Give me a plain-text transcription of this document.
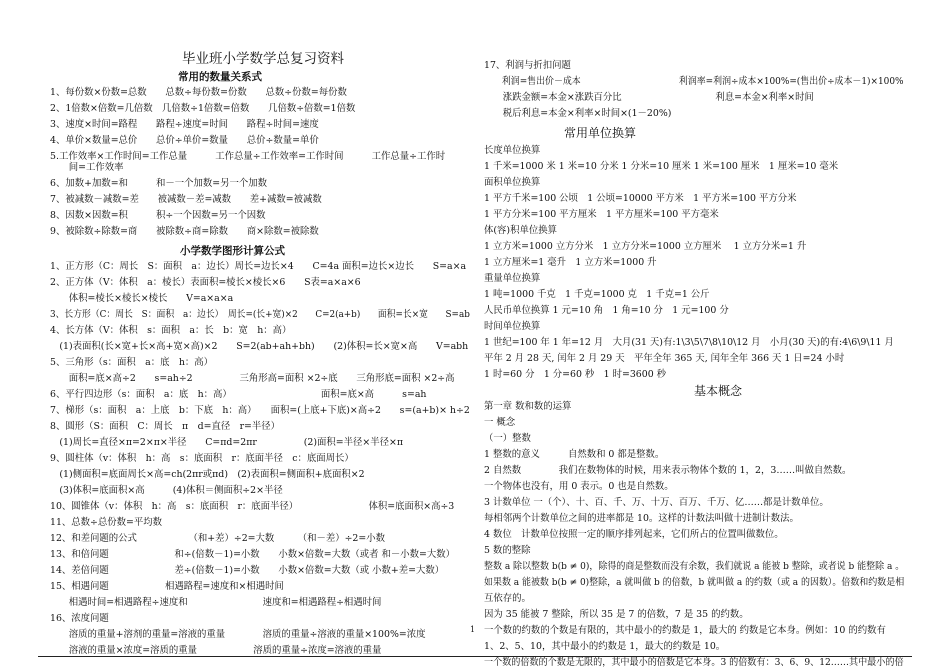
毕业班小学数学总复习资料
常用的数量关系式
1、每份数×份数=总数　　总数÷每份数=份数　　总数÷份数=每份数
2、1倍数×倍数=几倍数　几倍数÷1倍数=倍数　　几倍数÷倍数=1倍数
3、速度×时间=路程　　路程÷速度=时间　　路程÷时间=速度
4、单价×数量=总价　　总价÷单价=数量　　总价÷数量=单价
5.工作效率×工作时间=工作总量　　　工作总量÷工作效率=工作时间　　　工作总量÷工作时
　　间=工作效率
6、加数+加数=和　　　和－一个加数=另一个加数
7、被减数－减数=差　　被减数－差=减数　　差+减数=被减数
8、因数×因数=积　　　积÷一个因数=另一个因数
9、被除数÷除数=商　　被除数÷商=除数　　商×除数=被除数
小学数学图形计算公式
1、正方形（C：周长　S：面积　a：边长）周长=边长×4　　C=4a 面积=边长×边长　　S=a×a
2、正方体（V：体积　a：棱长）表面积=棱长×棱长×6　　S表=a×a×6
　　体积=棱长×棱长×棱长　　V=a×a×a
3、长方形（C：周长　S：面积　a：边长）　周长=(长+宽)×2　　C=2(a+b)　　面积=长×宽　　S=ab
4、长方体（V：体积　s：面积　a：长　b：宽　h：高）
　(1)表面积(长×宽+长×高+宽×高)×2　　S=2(ab+ah+bh)　　(2)体积=长×宽×高　　V=abh
5、三角形（s：面积　a：底　h：高）
　　面积=底×高÷2　　s=ah÷2　　　　　三角形高=面积 ×2÷底　　三角形底=面积 ×2÷高
6、平行四边形（s：面积　a：底　h：高）　　　　　　　　　　面积=底×高　　　s=ah
7、梯形（s：面积　a：上底　b：下底　h：高）　　面积=(上底+下底)×高÷2　　s=(a+b)× h÷2
8、圆形（S：面积　C：周长　π　d=直径　r=半径）
　(1)周长=直径×π=2×π×半径　　C=πd=2πr　　　　　(2)面积=半径×半径×π
9、圆柱体（v：体积　h：高　s：底面积　r：底面半径　c：底面周长）
　(1)侧面积=底面周长×高=ch(2πr或πd)　(2)表面积=侧面积+底面积×2
　(3)体积=底面积×高　　　(4)体积＝侧面积÷2×半径
10、圆锥体（v：体积　h：高　s：底面积　r：底面半径）　　　　　　　　体积=底面积×高÷3
11、总数÷总份数=平均数
12、和差问题的公式　　　　　　（和+差）÷2=大数　　　（和－差）÷2=小数
13、和倍问题　　　　　　　和÷(倍数－1)=小数　　小数×倍数=大数（或者 和－小数=大数）
14、差倍问题　　　　　　　差÷(倍数－1)=小数　　小数×倍数=大数（或 小数+差=大数）
15、相遇问题　　　　　　相遇路程=速度和×相遇时间
　　相遇时间=相遇路程÷速度和　　　　　　　　速度和=相遇路程÷相遇时间
16、浓度问题
　　溶质的重量+溶剂的重量=溶液的重量　　　　溶质的重量÷溶液的重量×100%=浓度
　　溶液的重量×浓度=溶质的重量　　　　　　溶质的重量÷浓度=溶液的重量
17、利润与折扣问题
　　利润=售出价－成本　　　　　　　　　　　利润率=利润÷成本×100%=(售出价÷成本－1)×100%
　　涨跌金额=本金×涨跌百分比　　　　　　　　　　利息=本金×利率×时间
　　税后利息=本金×利率×时间×(1－20%)
常用单位换算
长度单位换算
1 千米=1000 米 1 米=10 分米 1 分米=10 厘米 1 米=100 厘米　1 厘米=10 毫米
面积单位换算
1 平方千米=100 公顷　1 公顷=10000 平方米　1 平方米=100 平方分米
1 平方分米=100 平方厘米　1 平方厘米=100 平方毫米
体(容)积单位换算
1 立方米=1000 立方分米　1 立方分米=1000 立方厘米　 1 立方分米=1 升
1 立方厘米=1 毫升　1 立方米=1000 升
重量单位换算
1 吨=1000 千克　1 千克=1000 克　1 千克=1 公斤
人民币单位换算 1 元=10 角　1 角=10 分　1 元=100 分
时间单位换算
1 世纪=100 年 1 年=12 月　大月(31 天)有:1\3\5\7\8\10\12 月　小月(30 天)的有:4\6\9\11 月
平年 2 月 28 天, 闰年 2 月 29 天　平年全年 365 天, 闰年全年 366 天 1 日=24 小时
1 时=60 分　1 分=60 秒　1 时=3600 秒
基本概念
第一章 数和数的运算
一 概念
（一）整数
1 整数的意义　　　自然数和 0 都是整数。
2 自然数　　　　我们在数物体的时候，用来表示物体个数的 1，2，3……叫做自然数。
一个物体也没有，用 0 表示。0 也是自然数。
3 计数单位 一（个）、十、百、千、万、十万、百万、千万、亿……都是计数单位。
每相邻两个计数单位之间的进率都是 10。这样的计数法叫做十进制计数法。
4 数位　计数单位按照一定的顺序排列起来，它们所占的位置叫做数位。
5 数的整除
整数 a 除以整数 b(b ≠ 0)，除得的商是整数而没有余数，我们就说 a 能被 b 整除，或者说 b 能整除 a 。
如果数 a 能被数 b(b ≠ 0)整除，a 就叫做 b 的倍数，b 就叫做 a 的约数（或 a 的因数）。倍数和约数是相
互依存的。
因为 35 能被 7 整除，所以 35 是 7 的倍数，7 是 35 的约数。
一个数的约数的个数是有限的，其中最小的约数是 1，最大的 约数是它本身。例如：10 的约数有
1、2、5、10，其中最小的约数是 1，最大的约数是 10。
一个数的倍数的个数是无限的，其中最小的倍数是它本身。3 的倍数有：3、6、9、12……其中最小的倍
1
